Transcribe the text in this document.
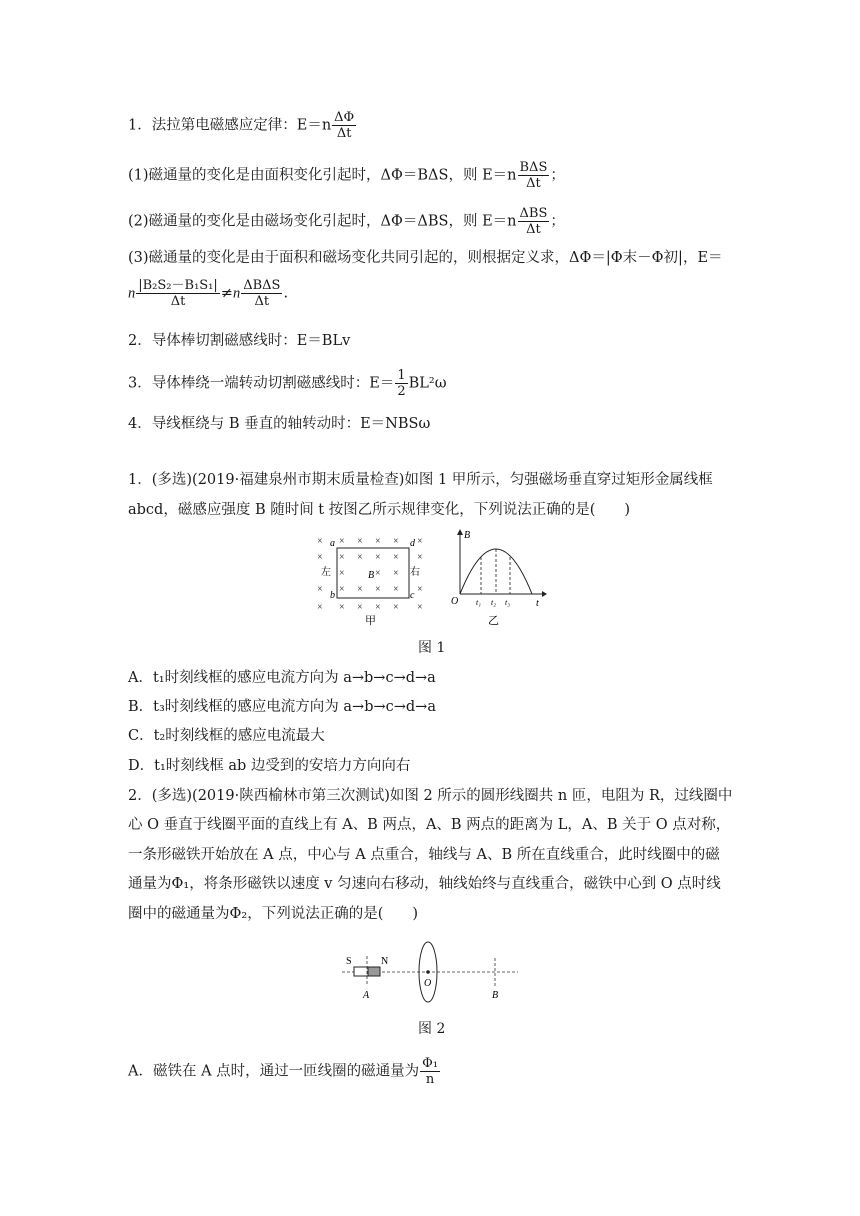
1．法拉第电磁感应定律：$E=n \frac{\Delta\Phi}{\Delta t}$
(1)磁通量的变化是由面积变化引起时，ΔΦ＝BΔS，则 $E=n \frac{\text{BΔS}}{\Delta t}$ ；
(2)磁通量的变化是由磁场变化引起时，ΔΦ＝ΔBS，则 $E=n \frac{\text{ΔBS}}{\Delta t}$ ；
(3)磁通量的变化是由于面积和磁场变化共同引起的，则根据定义求，ΔΦ＝|Φ末－Φ初|，E＝
n $\frac{\text{|B₂S₂－B₁S₁|}}{\Delta t} \ne n \frac{\text{ΔBΔS}}{\Delta t}$ .
2．导体棒切割磁感线时：E＝BLv
3．导体棒绕一端转动切割磁感线时：$E= \frac{1}{2} BL^2\omega$
4．导线框绕与 B 垂直的轴转动时：E＝NBSω
1．(多选)(2019·福建泉州市期末质量检查)如图 1 甲所示，匀强磁场垂直穿过矩形金属线框
abcd，磁感应强度 B 随时间 t 按图乙所示规律变化，下列说法正确的是(　　)
× × × × × ×
× × × × × ×
×	× ×
× × × × × ×
× × × × × ×
a	d
b	c
B
左	右
甲
B
O	t
t₁ t₂ t₃
乙
图 1
A．t₁时刻线框的感应电流方向为 a→b→c→d→a
B．t₃时刻线框的感应电流方向为 a→b→c→d→a
C．t₂时刻线框的感应电流最大
D．t₁时刻线框 ab 边受到的安培力方向向右
2．(多选)(2019·陕西榆林市第三次测试)如图 2 所示的圆形线圈共 n 匝，电阻为 R，过线圈中
心 O 垂直于线圈平面的直线上有 A、B 两点，A、B 两点的距离为 L，A、B 关于 O 点对称，
一条形磁铁开始放在 A 点，中心与 A 点重合，轴线与 A、B 所在直线重合，此时线圈中的磁
通量为Φ₁，将条形磁铁以速度 v 匀速向右移动，轴线始终与直线重合，磁铁中心到 O 点时线
圈中的磁通量为Φ₂，下列说法正确的是(　　)
S	N
A
O
B
图 2
A．磁铁在 A 点时，通过一匝线圈的磁通量为 $\frac{\text{Φ₁}}{n}$
